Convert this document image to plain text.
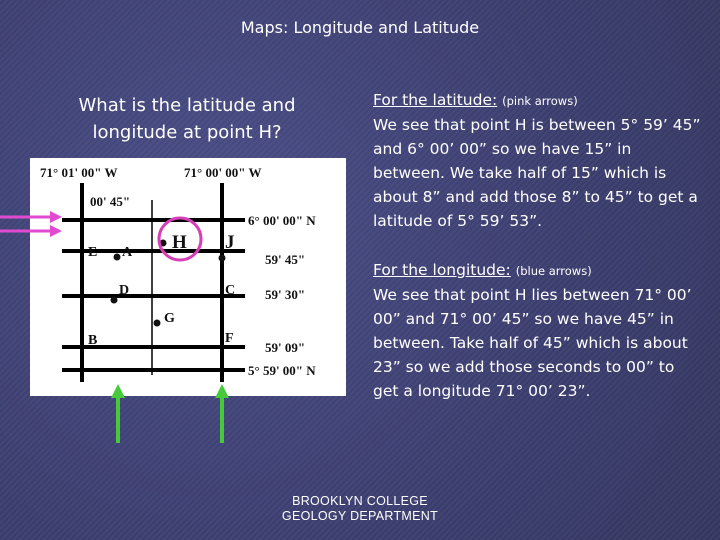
Maps: Longitude and Latitude
What is the latitude and longitude at point H?
71° 01' 00" W	71° 00' 00" W
00' 45"
6° 00' 00" N
59' 45"
59' 30"
59' 09"
5° 59' 00" N
E A H J
D	C
G
B	F
For the latitude: (pink arrows)
We see that point H is between 5° 59’ 45” and 6° 00’ 00” so we have 15” in between. We take half of 15” which is about 8” and add those 8” to 45” to get a latitude of 5° 59’ 53”.
For the longitude: (blue arrows)
We see that point H lies between 71° 00’ 00” and 71° 00’ 45” so we have 45” in between. Take half of 45” which is about 23” so we add those seconds to 00” to get a longitude 71° 00’ 23”.
BROOKLYN COLLEGE
GEOLOGY DEPARTMENT
